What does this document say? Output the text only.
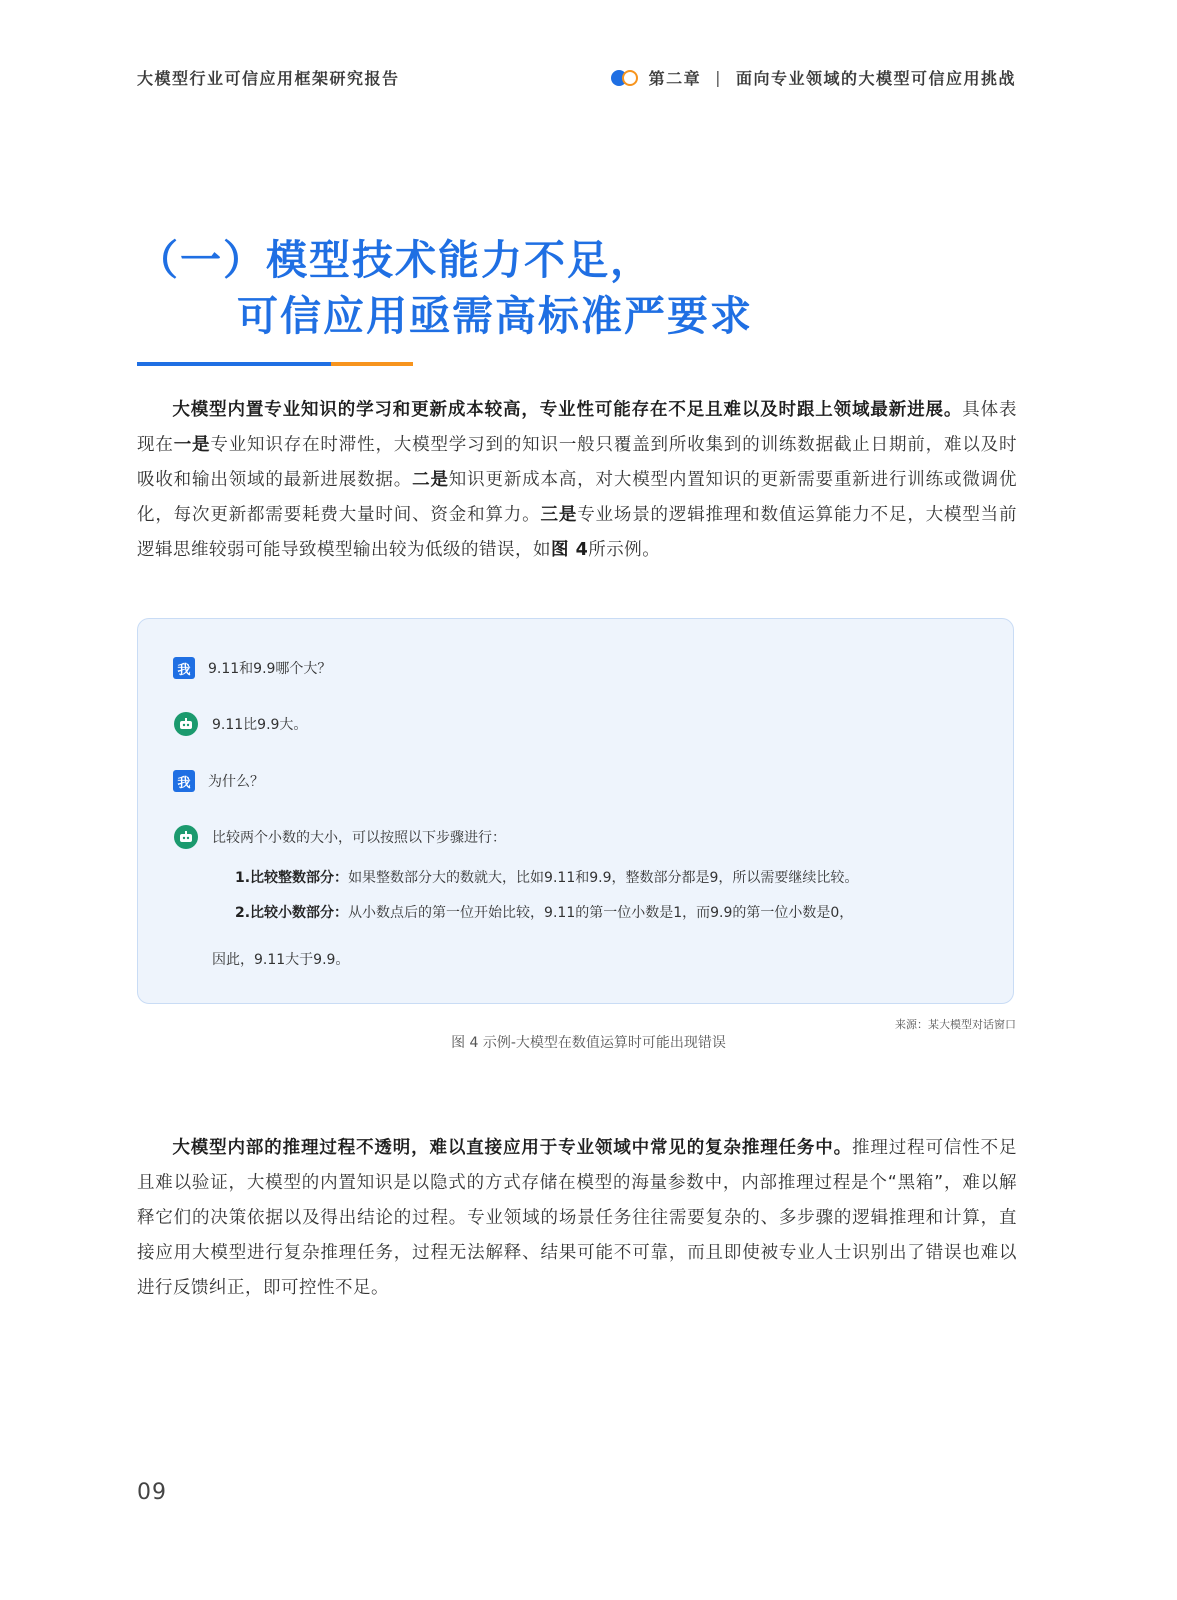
大模型行业可信应用框架研究报告	第二章 | 面向专业领域的大模型可信应用挑战
（一）模型技术能力不足，
可信应用亟需高标准严要求

大模型内置专业知识的学习和更新成本较高，专业性可能存在不足且难以及时跟上领域最新进展。具体表现在一是专业知识存在时滞性，大模型学习到的知识一般只覆盖到所收集到的训练数据截止日期前，难以及时吸收和输出领域的最新进展数据。二是知识更新成本高，对大模型内置知识的更新需要重新进行训练或微调优化，每次更新都需要耗费大量时间、资金和算力。三是专业场景的逻辑推理和数值运算能力不足，大模型当前逻辑思维较弱可能导致模型输出较为低级的错误，如图 4所示例。

我	9.11和9.9哪个大？
9.11比9.9大。
我	为什么？
比较两个小数的大小，可以按照以下步骤进行：
1.比较整数部分：如果整数部分大的数就大，比如9.11和9.9，整数部分都是9，所以需要继续比较。
2.比较小数部分：从小数点后的第一位开始比较，9.11的第一位小数是1，而9.9的第一位小数是0，
因此，9.11大于9.9。
来源：某大模型对话窗口
图 4 示例-大模型在数值运算时可能出现错误

大模型内部的推理过程不透明，难以直接应用于专业领域中常见的复杂推理任务中。推理过程可信性不足且难以验证，大模型的内置知识是以隐式的方式存储在模型的海量参数中，内部推理过程是个“黑箱”，难以解释它们的决策依据以及得出结论的过程。专业领域的场景任务往往需要复杂的、多步骤的逻辑推理和计算，直接应用大模型进行复杂推理任务，过程无法解释、结果可能不可靠，而且即使被专业人士识别出了错误也难以进行反馈纠正，即可控性不足。

09
